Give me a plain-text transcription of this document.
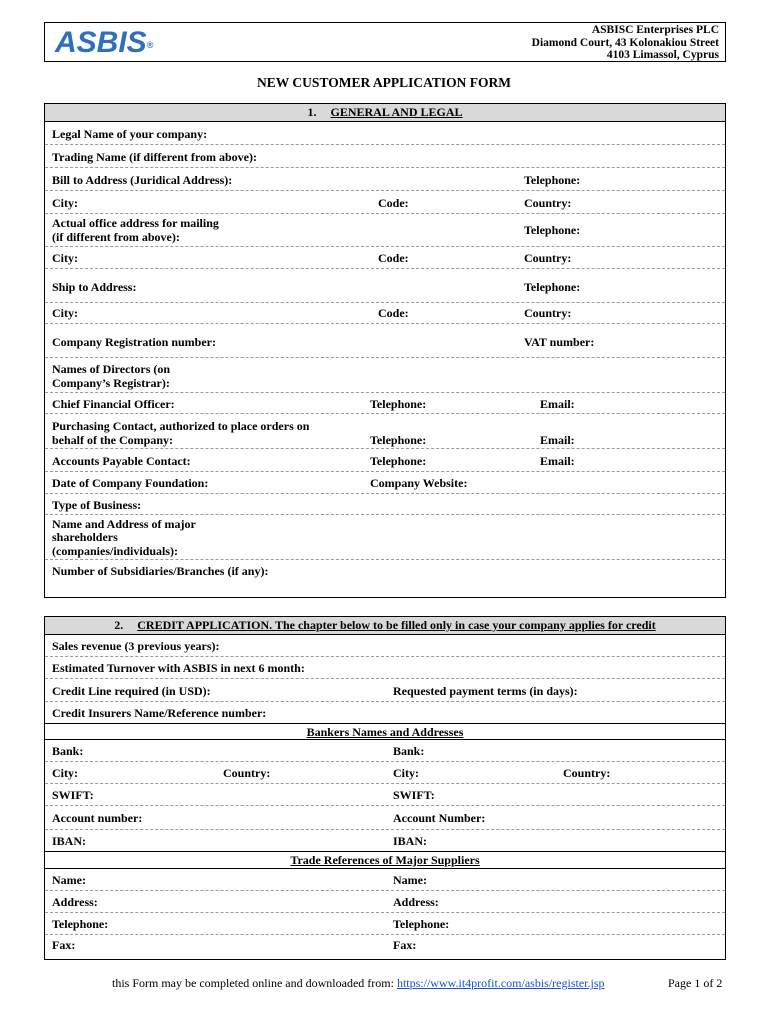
ASBIS®
ASBISC Enterprises PLC
Diamond Court, 43 Kolonakiou Street
4103 Limassol, Cyprus
NEW CUSTOMER APPLICATION FORM
1. GENERAL AND LEGAL
Legal Name of your company:
Trading Name (if different from above):
Bill to Address (Juridical Address):	Telephone:
City:	Code:	Country:
Actual office address for mailing
(if different from above):	Telephone:
City:	Code:	Country:
Ship to Address:	Telephone:
City:	Code:	Country:
Company Registration number:	VAT number:
Names of Directors (on
Company’s Registrar):
Chief Financial Officer:	Telephone:	Email:
Purchasing Contact, authorized to place orders on
behalf of the Company:	Telephone:	Email:
Accounts Payable Contact:	Telephone:	Email:
Date of Company Foundation:	Company Website:
Type of Business:
Name and Address of major
shareholders
(companies/individuals):
Number of Subsidiaries/Branches (if any):
2. CREDIT APPLICATION. The chapter below to be filled only in case your company applies for credit
Sales revenue (3 previous years):
Estimated Turnover with ASBIS in next 6 month:
Credit Line required (in USD):	Requested payment terms (in days):
Credit Insurers Name/Reference number:
Bankers Names and Addresses
Bank:	Bank:
City:	Country:	City:	Country:
SWIFT:	SWIFT:
Account number:	Account Number:
IBAN:	IBAN:
Trade References of Major Suppliers
Name:	Name:
Address:	Address:
Telephone:	Telephone:
Fax:	Fax:
this Form may be completed online and downloaded from: https://www.it4profit.com/asbis/register.jsp	Page 1 of 2
